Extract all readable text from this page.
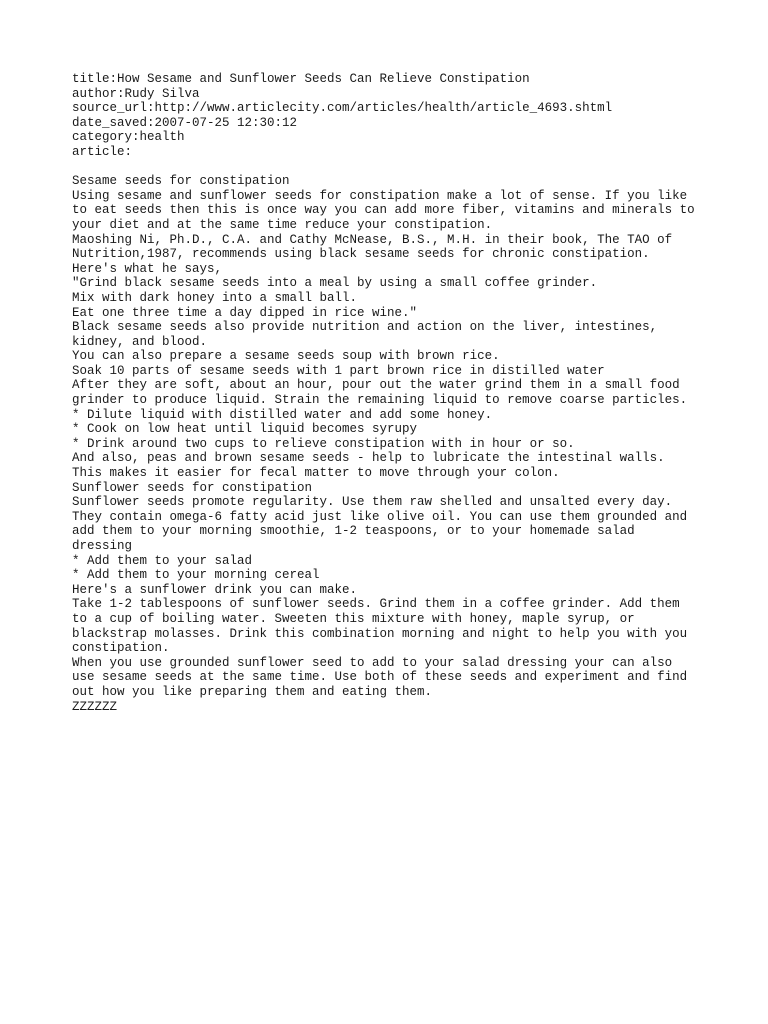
title:How Sesame and Sunflower Seeds Can Relieve Constipation
author:Rudy Silva
source_url:http://www.articlecity.com/articles/health/article_4693.shtml
date_saved:2007-07-25 12:30:12
category:health
article:
Sesame seeds for constipation
Using sesame and sunflower seeds for constipation make a lot of sense. If you like
to eat seeds then this is once way you can add more fiber, vitamins and minerals to
your diet and at the same time reduce your constipation.
Maoshing Ni, Ph.D., C.A. and Cathy McNease, B.S., M.H. in their book, The TAO of
Nutrition,1987, recommends using black sesame seeds for chronic constipation.
Here's what he says,
"Grind black sesame seeds into a meal by using a small coffee grinder.
Mix with dark honey into a small ball.
Eat one three time a day dipped in rice wine."
Black sesame seeds also provide nutrition and action on the liver, intestines,
kidney, and blood.
You can also prepare a sesame seeds soup with brown rice.
Soak 10 parts of sesame seeds with 1 part brown rice in distilled water
After they are soft, about an hour, pour out the water grind them in a small food
grinder to produce liquid. Strain the remaining liquid to remove coarse particles.
* Dilute liquid with distilled water and add some honey.
* Cook on low heat until liquid becomes syrupy
* Drink around two cups to relieve constipation with in hour or so.
And also, peas and brown sesame seeds - help to lubricate the intestinal walls.
This makes it easier for fecal matter to move through your colon.
Sunflower seeds for constipation
Sunflower seeds promote regularity. Use them raw shelled and unsalted every day.
They contain omega-6 fatty acid just like olive oil. You can use them grounded and
add them to your morning smoothie, 1-2 teaspoons, or to your homemade salad
dressing
* Add them to your salad
* Add them to your morning cereal
Here's a sunflower drink you can make.
Take 1-2 tablespoons of sunflower seeds. Grind them in a coffee grinder. Add them
to a cup of boiling water. Sweeten this mixture with honey, maple syrup, or
blackstrap molasses. Drink this combination morning and night to help you with you
constipation.
When you use grounded sunflower seed to add to your salad dressing your can also
use sesame seeds at the same time. Use both of these seeds and experiment and find
out how you like preparing them and eating them.
ZZZZZZ
